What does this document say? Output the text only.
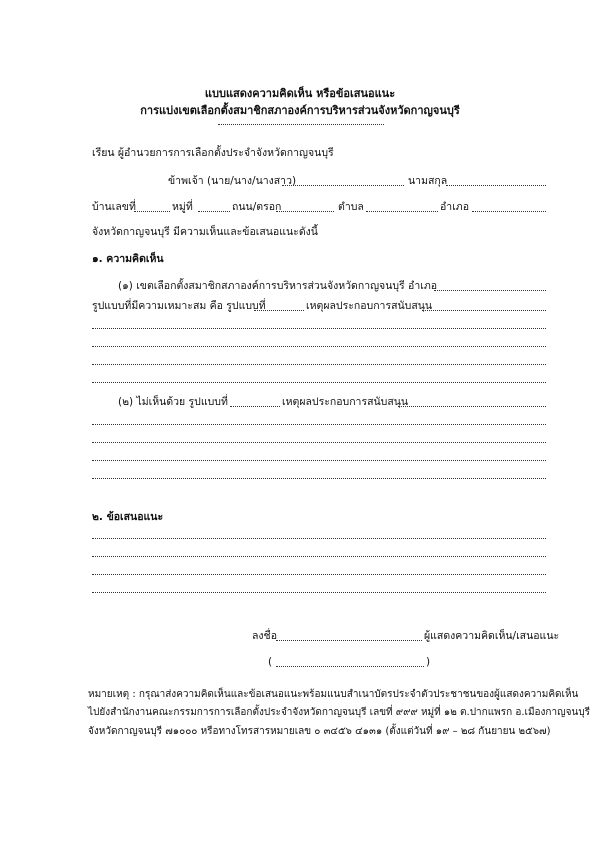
แบบแสดงความคิดเห็น หรือข้อเสนอแนะ
การแบ่งเขตเลือกตั้งสมาชิกสภาองค์การบริหารส่วนจังหวัดกาญจนบุรี
เรียน ผู้อำนวยการการเลือกตั้งประจำจังหวัดกาญจนบุรี
ข้าพเจ้า (นาย/นาง/นางสาว)	นามสกุล
บ้านเลขที่	หมู่ที่	ถนน/ตรอก	ตำบล	อำเภอ
จังหวัดกาญจนบุรี มีความเห็นและข้อเสนอแนะดังนี้
๑. ความคิดเห็น
(๑) เขตเลือกตั้งสมาชิกสภาองค์การบริหารส่วนจังหวัดกาญจนบุรี อำเภอ
รูปแบบที่มีความเหมาะสม คือ รูปแบบที่	เหตุผลประกอบการสนับสนุน
(๒) ไม่เห็นด้วย รูปแบบที่	เหตุผลประกอบการสนับสนุน
๒. ข้อเสนอแนะ
ลงชื่อ	ผู้แสดงความคิดเห็น/เสนอแนะ
(	)
หมายเหตุ : กรุณาส่งความคิดเห็นและข้อเสนอแนะพร้อมแนบสำเนาบัตรประจำตัวประชาชนของผู้แสดงความคิดเห็น
ไปยังสำนักงานคณะกรรมการการเลือกตั้งประจำจังหวัดกาญจนบุรี เลขที่ ๙๙๙ หมู่ที่ ๑๒ ต.ปากแพรก อ.เมืองกาญจนบุรี
จังหวัดกาญจนบุรี ๗๑๐๐๐ หรือทางโทรสารหมายเลข ๐ ๓๔๕๖ ๔๑๓๑ (ตั้งแต่วันที่ ๑๙ – ๒๘ กันยายน ๒๕๖๗)
